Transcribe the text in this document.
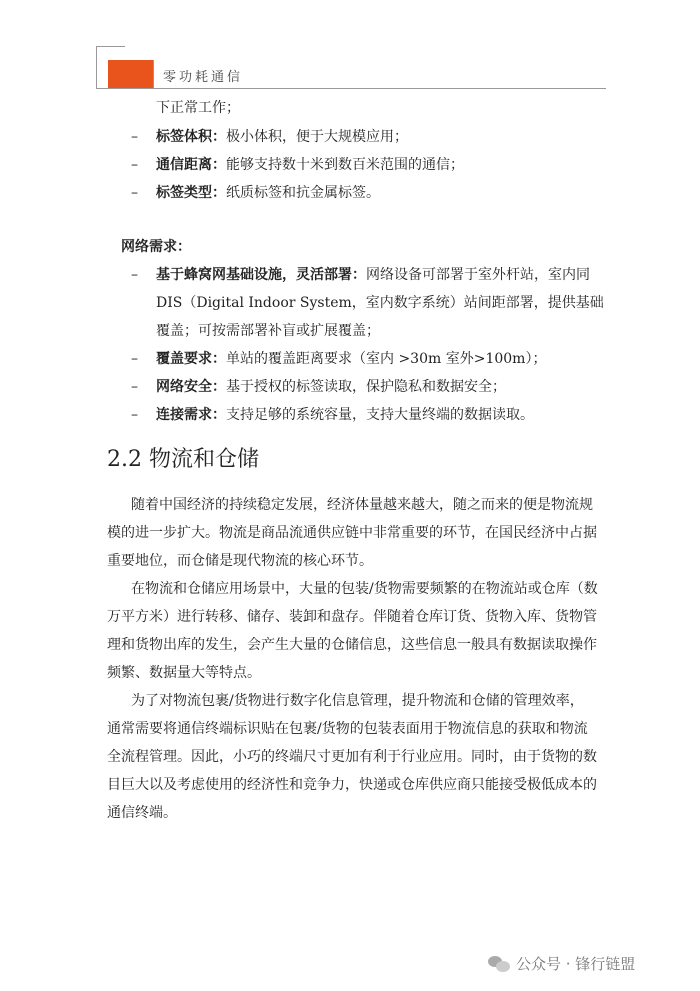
零功耗通信
下正常工作；
– 标签体积：极小体积，便于大规模应用；
– 通信距离：能够支持数十米到数百米范围的通信；
– 标签类型：纸质标签和抗金属标签。
网络需求：
– 基于蜂窝网基础设施，灵活部署：网络设备可部署于室外杆站，室内同
DIS（Digital Indoor System，室内数字系统）站间距部署，提供基础
覆盖；可按需部署补盲或扩展覆盖；
– 覆盖要求：单站的覆盖距离要求（室内 >30m 室外>100m）；
– 网络安全：基于授权的标签读取，保护隐私和数据安全；
– 连接需求：支持足够的系统容量，支持大量终端的数据读取。
2.2 物流和仓储
随着中国经济的持续稳定发展，经济体量越来越大，随之而来的便是物流规
模的进一步扩大。物流是商品流通供应链中非常重要的环节，在国民经济中占据
重要地位，而仓储是现代物流的核心环节。
在物流和仓储应用场景中，大量的包装/货物需要频繁的在物流站或仓库（数
万平方米）进行转移、储存、装卸和盘存。伴随着仓库订货、货物入库、货物管
理和货物出库的发生，会产生大量的仓储信息，这些信息一般具有数据读取操作
频繁、数据量大等特点。
为了对物流包裹/货物进行数字化信息管理，提升物流和仓储的管理效率，
通常需要将通信终端标识贴在包裹/货物的包装表面用于物流信息的获取和物流
全流程管理。因此，小巧的终端尺寸更加有利于行业应用。同时，由于货物的数
目巨大以及考虑使用的经济性和竞争力，快递或仓库供应商只能接受极低成本的
通信终端。
公众号 · 锋行链盟
